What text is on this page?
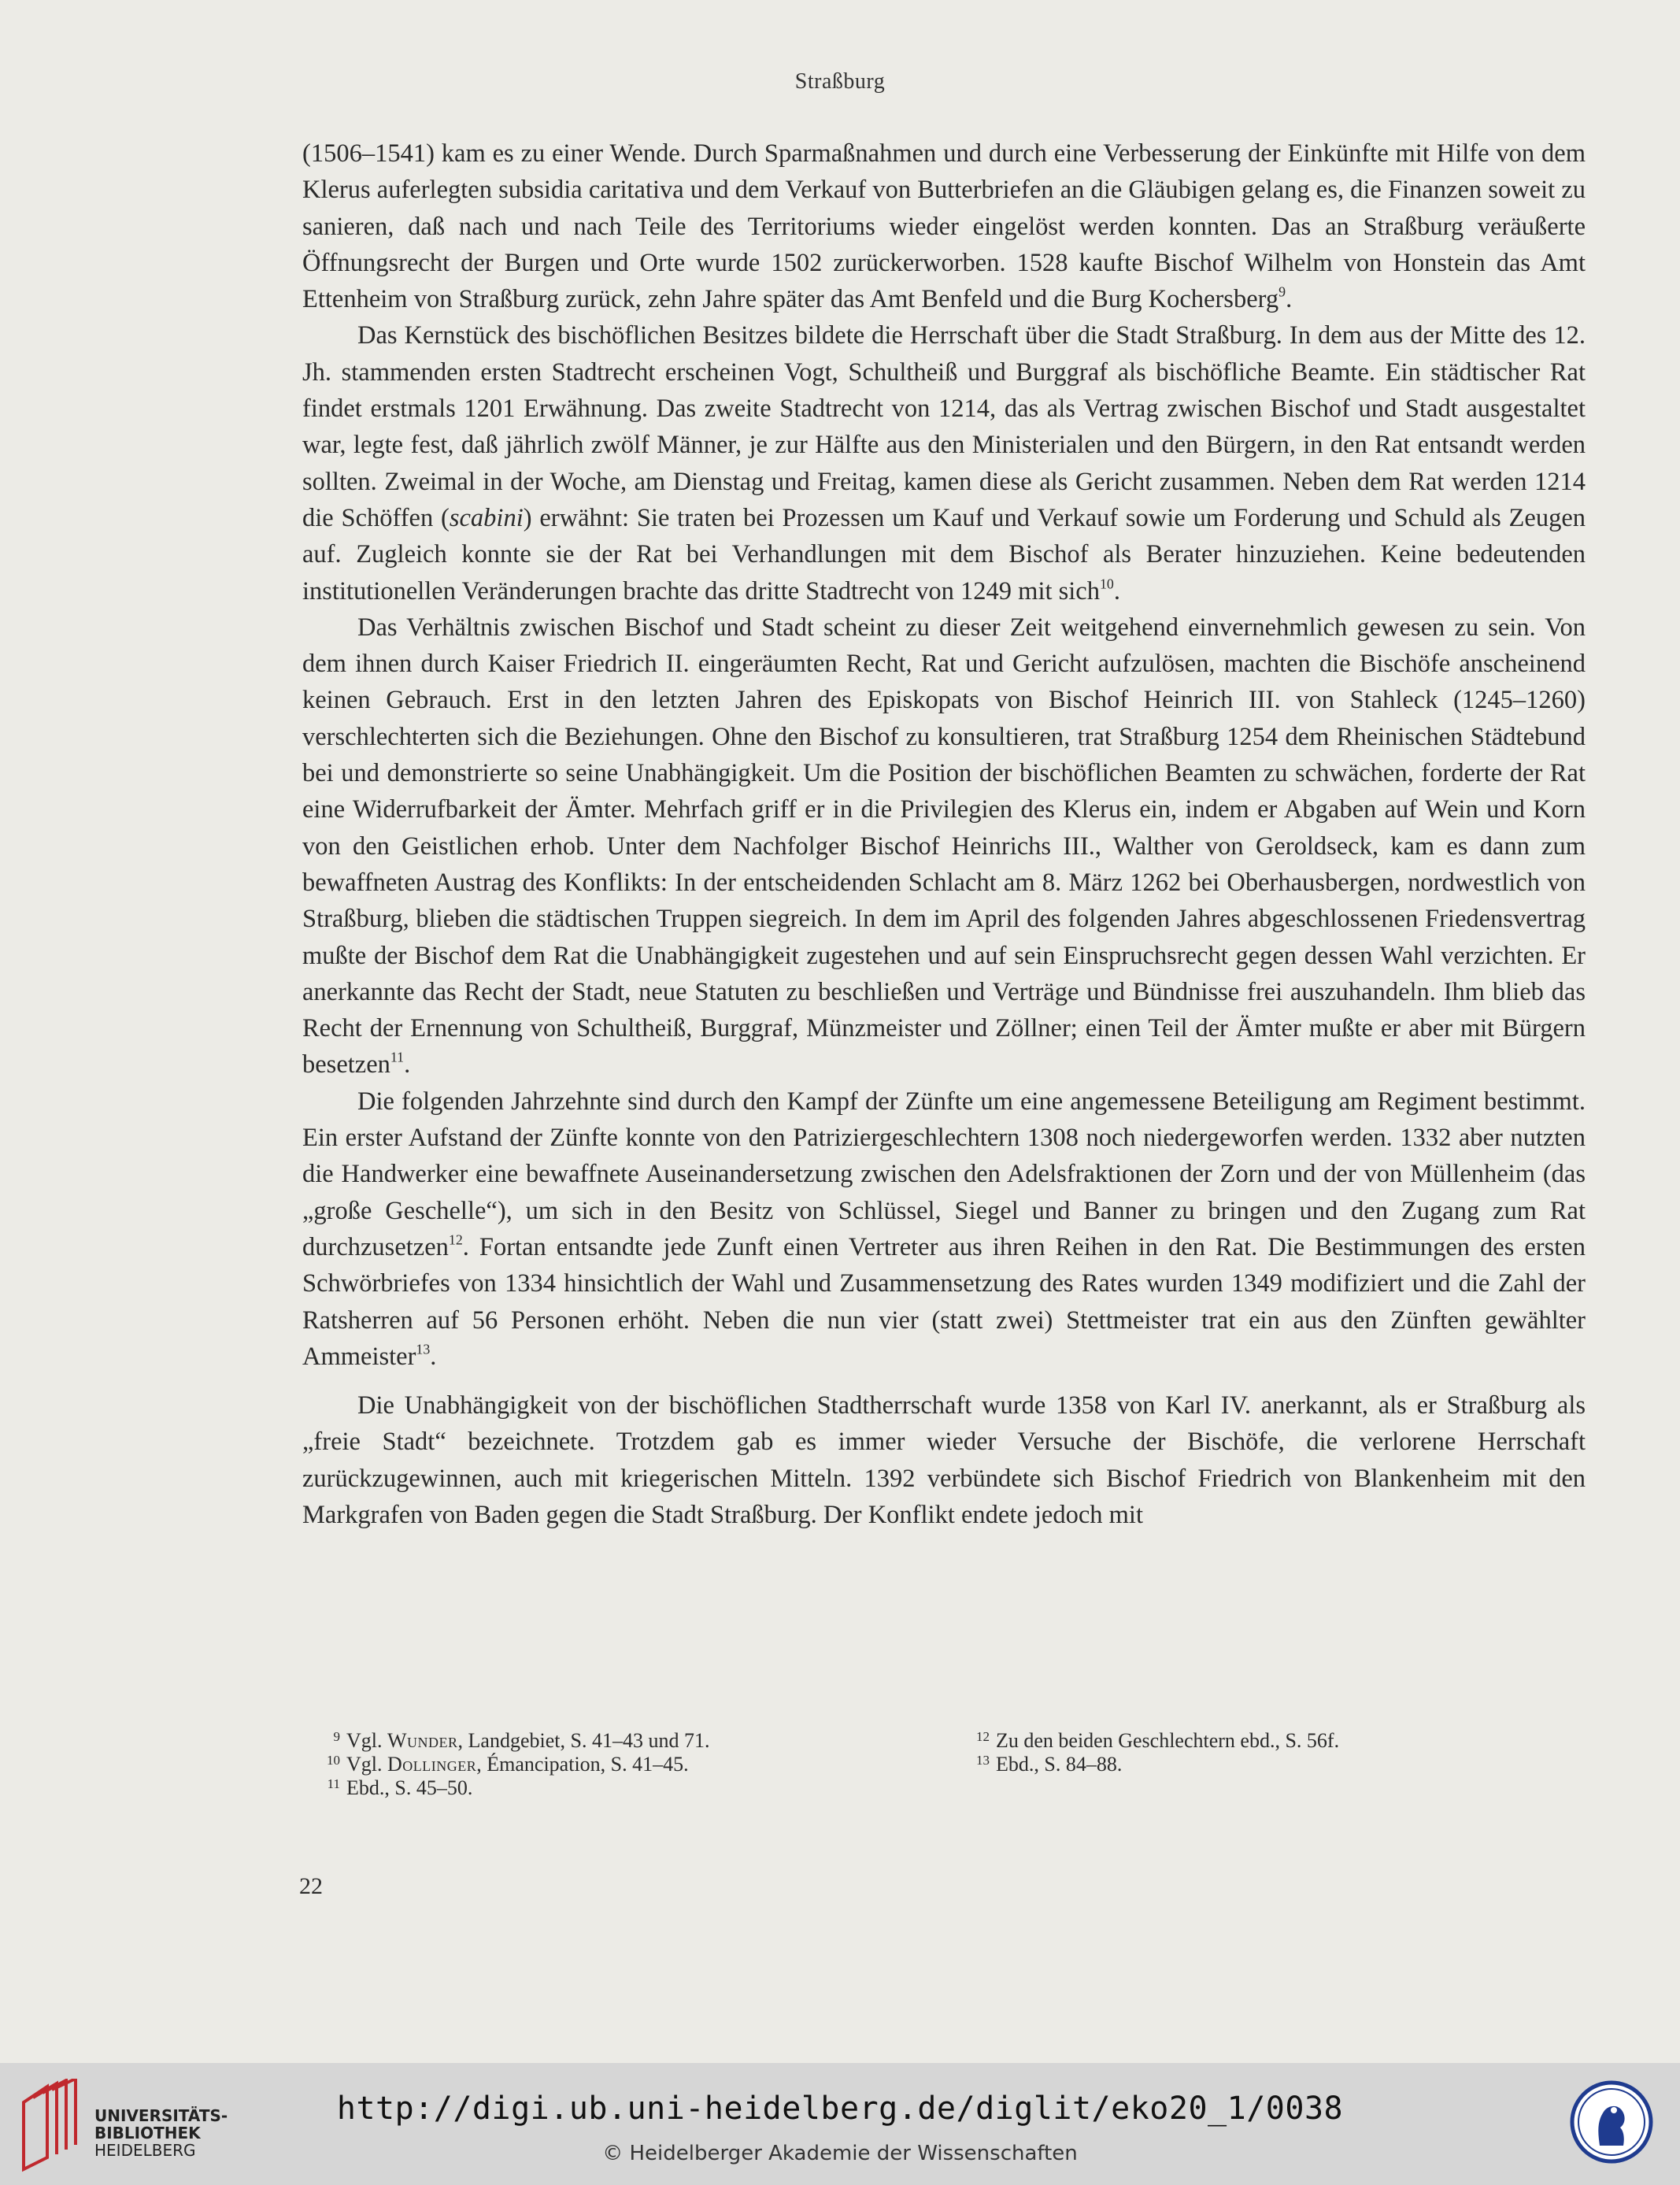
Straßburg

(1506–1541) kam es zu einer Wende. Durch Sparmaßnahmen und durch eine Verbesserung der Einkünfte mit Hilfe von dem Klerus auferlegten subsidia caritativa und dem Verkauf von Butterbriefen an die Gläubigen gelang es, die Finanzen soweit zu sanieren, daß nach und nach Teile des Territoriums wieder eingelöst werden konnten. Das an Straßburg veräußerte Öffnungsrecht der Burgen und Orte wurde 1502 zurückerworben. 1528 kaufte Bischof Wilhelm von Honstein das Amt Ettenheim von Straßburg zurück, zehn Jahre später das Amt Benfeld und die Burg Kochersberg$^9$.

Das Kernstück des bischöflichen Besitzes bildete die Herrschaft über die Stadt Straßburg. In dem aus der Mitte des 12. Jh. stammenden ersten Stadtrecht erscheinen Vogt, Schultheiß und Burggraf als bischöfliche Beamte. Ein städtischer Rat findet erstmals 1201 Erwähnung. Das zweite Stadtrecht von 1214, das als Vertrag zwischen Bischof und Stadt ausgestaltet war, legte fest, daß jährlich zwölf Männer, je zur Hälfte aus den Ministerialen und den Bürgern, in den Rat entsandt werden sollten. Zweimal in der Woche, am Dienstag und Freitag, kamen diese als Gericht zusammen. Neben dem Rat werden 1214 die Schöffen (scabini) erwähnt: Sie traten bei Prozessen um Kauf und Verkauf sowie um Forderung und Schuld als Zeugen auf. Zugleich konnte sie der Rat bei Verhandlungen mit dem Bischof als Berater hinzuziehen. Keine bedeutenden institutionellen Veränderungen brachte das dritte Stadtrecht von 1249 mit sich$^{10}$.

Das Verhältnis zwischen Bischof und Stadt scheint zu dieser Zeit weitgehend einvernehmlich gewesen zu sein. Von dem ihnen durch Kaiser Friedrich II. eingeräumten Recht, Rat und Gericht aufzulösen, machten die Bischöfe anscheinend keinen Gebrauch. Erst in den letzten Jahren des Episkopats von Bischof Heinrich III. von Stahleck (1245–1260) verschlechterten sich die Beziehungen. Ohne den Bischof zu konsultieren, trat Straßburg 1254 dem Rheinischen Städtebund bei und demonstrierte so seine Unabhängigkeit. Um die Position der bischöflichen Beamten zu schwächen, forderte der Rat eine Widerrufbarkeit der Ämter. Mehrfach griff er in die Privilegien des Klerus ein, indem er Abgaben auf Wein und Korn von den Geistlichen erhob. Unter dem Nachfolger Bischof Heinrichs III., Walther von Geroldseck, kam es dann zum bewaffneten Austrag des Konflikts: In der entscheidenden Schlacht am 8. März 1262 bei Oberhausbergen, nordwestlich von Straßburg, blieben die städtischen Truppen siegreich. In dem im April des folgenden Jahres abgeschlossenen Friedensvertrag mußte der Bischof dem Rat die Unabhängigkeit zugestehen und auf sein Einspruchsrecht gegen dessen Wahl verzichten. Er anerkannte das Recht der Stadt, neue Statuten zu beschließen und Verträge und Bündnisse frei auszuhandeln. Ihm blieb das Recht der Ernennung von Schultheiß, Burggraf, Münzmeister und Zöllner; einen Teil der Ämter mußte er aber mit Bürgern besetzen$^{11}$.

Die folgenden Jahrzehnte sind durch den Kampf der Zünfte um eine angemessene Beteiligung am Regiment bestimmt. Ein erster Aufstand der Zünfte konnte von den Patriziergeschlechtern 1308 noch niedergeworfen werden. 1332 aber nutzten die Handwerker eine bewaffnete Auseinandersetzung zwischen den Adelsfraktionen der Zorn und der von Müllenheim (das „große Geschelle“), um sich in den Besitz von Schlüssel, Siegel und Banner zu bringen und den Zugang zum Rat durchzusetzen$^{12}$. Fortan entsandte jede Zunft einen Vertreter aus ihren Reihen in den Rat. Die Bestimmungen des ersten Schwörbriefes von 1334 hinsichtlich der Wahl und Zusammensetzung des Rates wurden 1349 modifiziert und die Zahl der Ratsherren auf 56 Personen erhöht. Neben die nun vier (statt zwei) Stettmeister trat ein aus den Zünften gewählter Ammeister$^{13}$.

Die Unabhängigkeit von der bischöflichen Stadtherrschaft wurde 1358 von Karl IV. anerkannt, als er Straßburg als „freie Stadt“ bezeichnete. Trotzdem gab es immer wieder Versuche der Bischöfe, die verlorene Herrschaft zurückzugewinnen, auch mit kriegerischen Mitteln. 1392 verbündete sich Bischof Friedrich von Blankenheim mit den Markgrafen von Baden gegen die Stadt Straßburg. Der Konflikt endete jedoch mit

9 Vgl. Wunder, Landgebiet, S. 41–43 und 71.
10 Vgl. Dollinger, Émancipation, S. 41–45.
11 Ebd., S. 45–50.
12 Zu den beiden Geschlechtern ebd., S. 56f.
13 Ebd., S. 84–88.
22
UNIVERSITÄTS-
BIBLIOTHEK
HEIDELBERG
http://digi.ub.uni-heidelberg.de/diglit/eko20_1/0038
© Heidelberger Akademie der Wissenschaften
